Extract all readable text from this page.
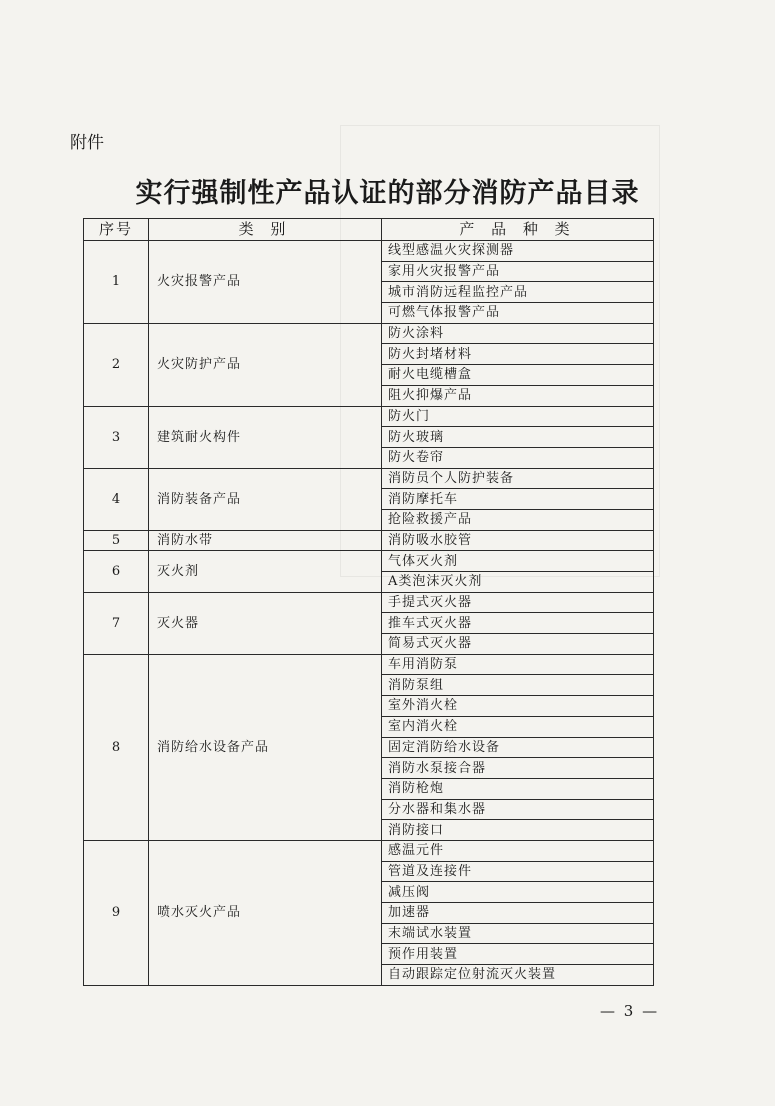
附件
实行强制性产品认证的部分消防产品目录
序号	类 别	产 品 种 类
1	火灾报警产品	线型感温火灾探测器
		家用火灾报警产品
		城市消防远程监控产品
		可燃气体报警产品
2	火灾防护产品	防火涂料
		防火封堵材料
		耐火电缆槽盒
		阻火抑爆产品
3	建筑耐火构件	防火门
		防火玻璃
		防火卷帘
4	消防装备产品	消防员个人防护装备
		消防摩托车
		抢险救援产品
5	消防水带	消防吸水胶管
6	灭火剂	气体灭火剂
		A类泡沫灭火剂
7	灭火器	手提式灭火器
		推车式灭火器
		简易式灭火器
8	消防给水设备产品	车用消防泵
		消防泵组
		室外消火栓
		室内消火栓
		固定消防给水设备
		消防水泵接合器
		消防枪炮
		分水器和集水器
		消防接口
9	喷水灭火产品	感温元件
		管道及连接件
		减压阀
		加速器
		末端试水装置
		预作用装置
		自动跟踪定位射流灭火装置
— 3 —
